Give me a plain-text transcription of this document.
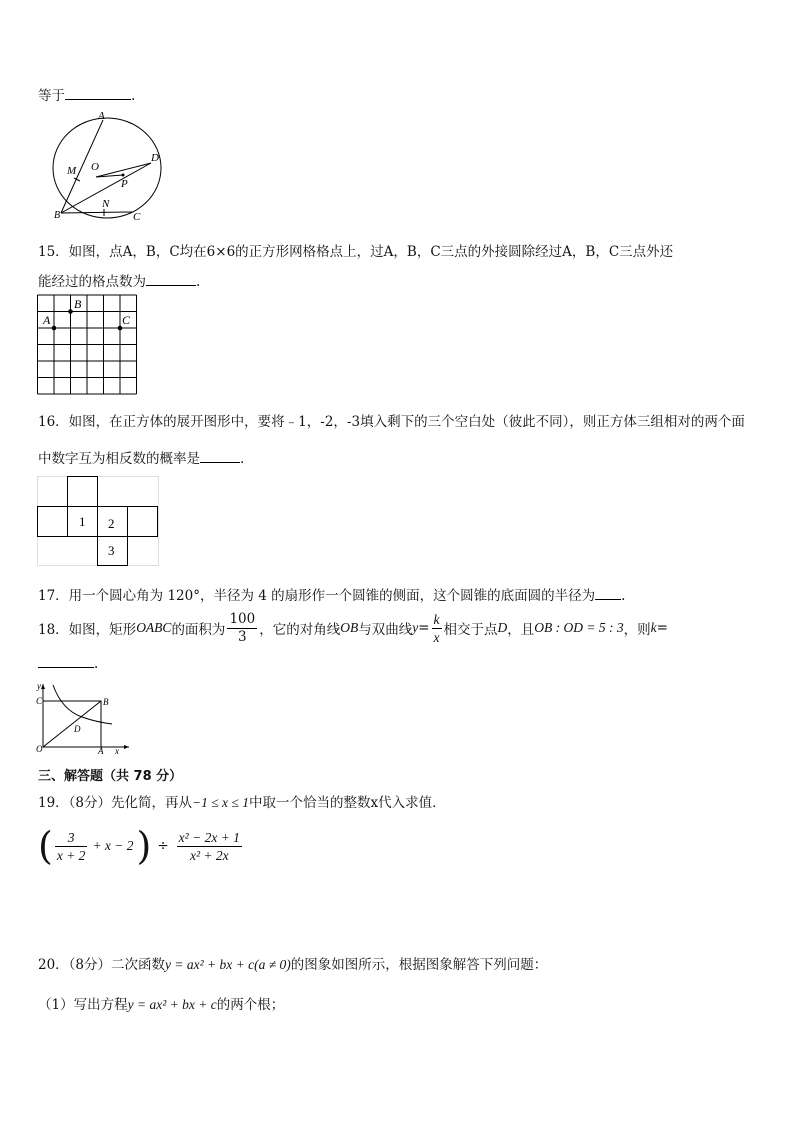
等于	.
A
D
O
M
P
N
B	C
15．如图，点A，B，C均在6×6的正方形网格格点上，过A，B，C三点的外接圆除经过A，B，C三点外还
能经过的格点数为	.
A
B
C
16．如图，在正方体的展开图形中，要将﹣1，-2，-3填入剩下的三个空白处（彼此不同），则正方体三组相对的两个面
中数字互为相反数的概率是	.
1 2
3
17．用一个圆心角为 120°，半径为 4 的扇形作一个圆锥的侧面，这个圆锥的底面圆的半径为 .
18．如图，矩形 OABC 的面积为 $\frac{100}{3}$ ，它的对角线 OB 与双曲线 $y = \frac{k}{x}$ 相交于点 D ，且 OB : OD = 5 : 3 ，则 k =
.
y
C	B
D
O	A x
三、解答题（共 78 分）
19．（8分）先化简，再从−1 ≤ x ≤ 1中取一个恰当的整数x代入求值．
( $\frac{3}{x + 2} + x - 2$ ) ÷ $\frac{\text{x² − 2x + 1}}{\text{x² + 2x}}$
20．（8分）二次函数y = ax² + bx + c(a ≠ 0)的图象如图所示，根据图象解答下列问题：
（1）写出方程y = ax² + bx + c的两个根；
